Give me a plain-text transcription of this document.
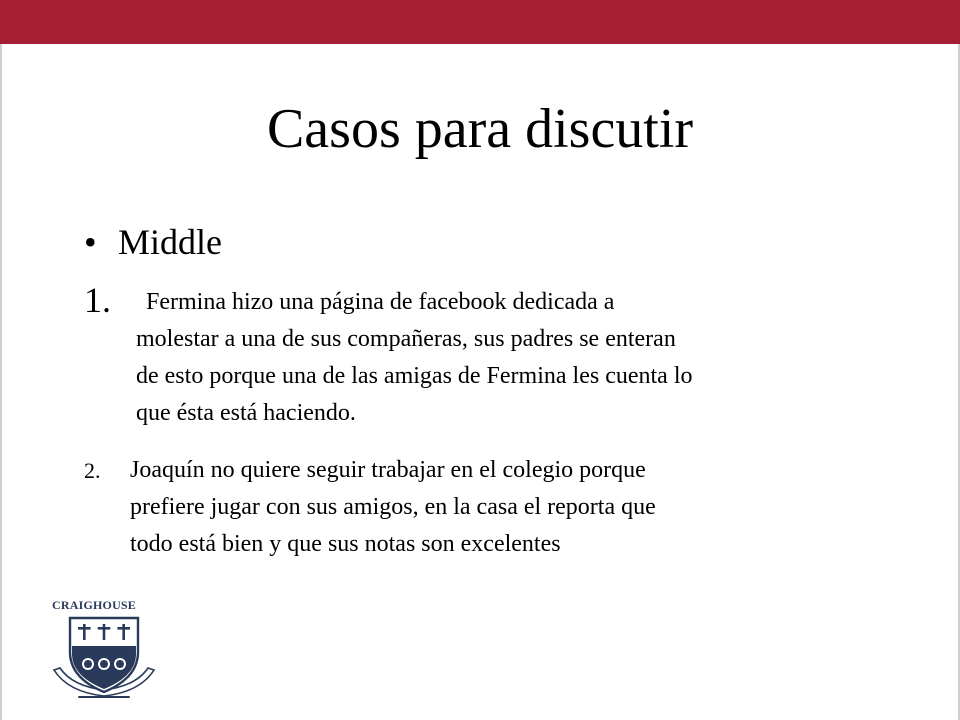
Casos para discutir
• Middle
1.	Fermina hizo una página de facebook dedicada a
molestar a una de sus compañeras, sus padres se enteran
de esto porque una de las amigas de Fermina les cuenta lo
que ésta está haciendo.
2. Joaquín no quiere seguir trabajar en el colegio porque
prefiere jugar con sus amigos, en la casa el reporta que
todo está bien y que sus notas son excelentes
CRAIGHOUSE
